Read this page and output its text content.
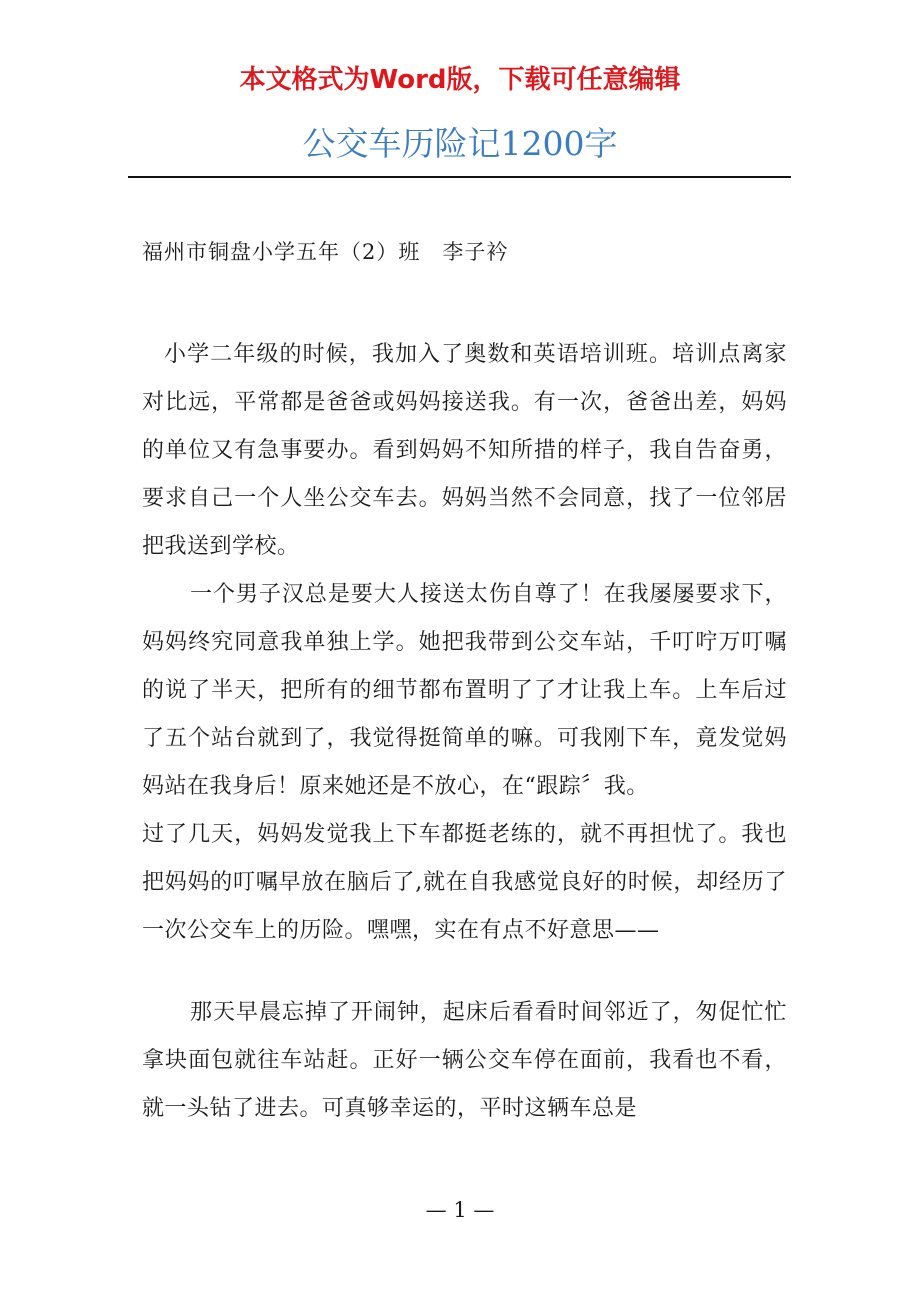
本文格式为Word版，下载可任意编辑
公交车历险记1200字
福州市铜盘小学五年（2）班　李子衿

小学二年级的时候，我加入了奥数和英语培训班。培训点离家对比远，平常都是爸爸或妈妈接送我。有一次，爸爸出差，妈妈的单位又有急事要办。看到妈妈不知所措的样子，我自告奋勇，要求自己一个人坐公交车去。妈妈当然不会同意，找了一位邻居把我送到学校。

一个男子汉总是要大人接送太伤自尊了！在我屡屡要求下，妈妈终究同意我单独上学。她把我带到公交车站，千叮咛万叮嘱的说了半天，把所有的细节都布置明了了才让我上车。上车后过了五个站台就到了，我觉得挺简单的嘛。可我刚下车，竟发觉妈妈站在我身后！原来她还是不放心，在“跟踪〞我。

过了几天，妈妈发觉我上下车都挺老练的，就不再担忧了。我也把妈妈的叮嘱早放在脑后了,就在自我感觉良好的时候，却经历了一次公交车上的历险。嘿嘿，实在有点不好意思——

那天早晨忘掉了开闹钟，起床后看看时间邻近了，匆促忙忙拿块面包就往车站赶。正好一辆公交车停在面前，我看也不看，就一头钻了进去。可真够幸运的，平时这辆车总是

— 1 —
